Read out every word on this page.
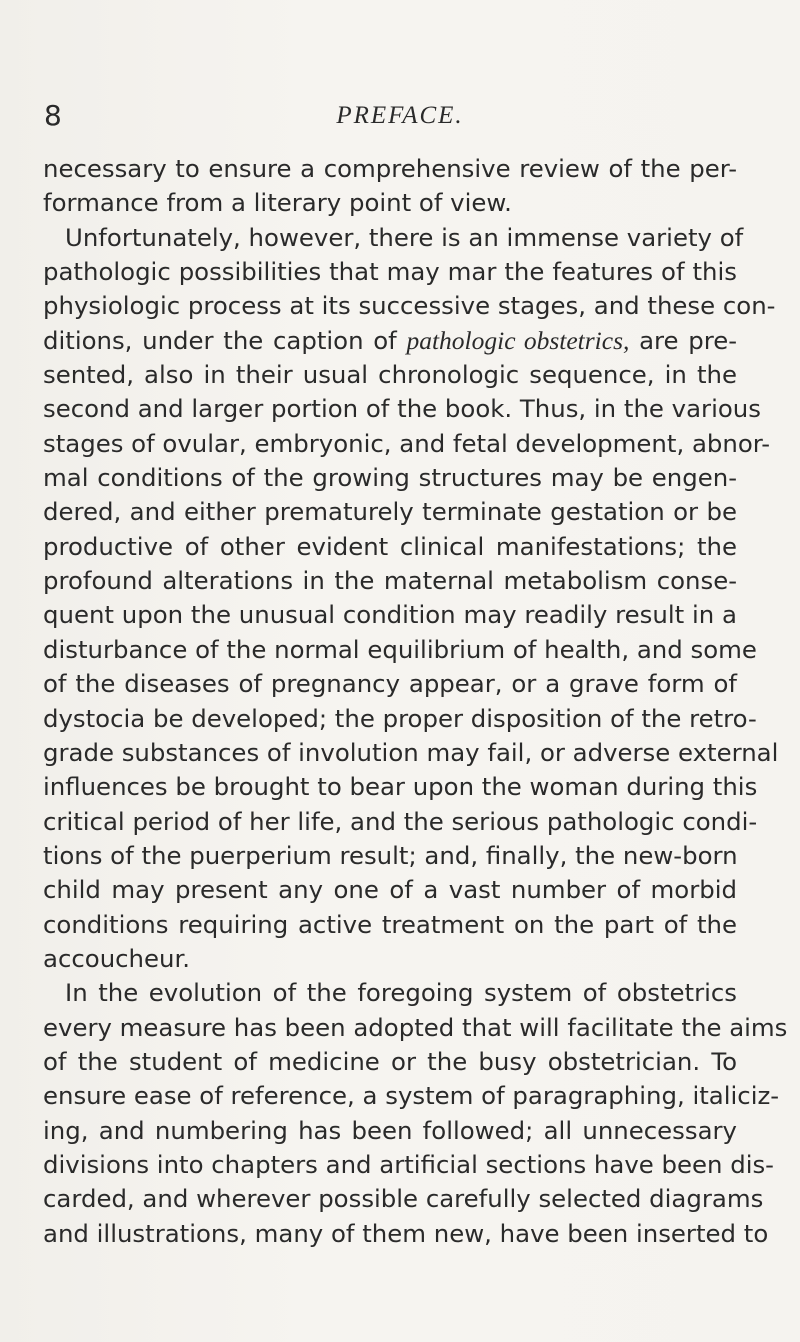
8	PREFACE.
necessary to ensure a comprehensive review of the per-
formance from a literary point of view.
Unfortunately, however, there is an immense variety of
pathologic possibilities that may mar the features of this
physiologic process at its successive stages, and these con-
ditions, under the caption of pathologic obstetrics, are pre-
sented, also in their usual chronologic sequence, in the
second and larger portion of the book. Thus, in the various
stages of ovular, embryonic, and fetal development, abnor-
mal conditions of the growing structures may be engen-
dered, and either prematurely terminate gestation or be
productive of other evident clinical manifestations; the
profound alterations in the maternal metabolism conse-
quent upon the unusual condition may readily result in a
disturbance of the normal equilibrium of health, and some
of the diseases of pregnancy appear, or a grave form of
dystocia be developed; the proper disposition of the retro-
grade substances of involution may fail, or adverse external
influences be brought to bear upon the woman during this
critical period of her life, and the serious pathologic condi-
tions of the puerperium result; and, finally, the new-born
child may present any one of a vast number of morbid
conditions requiring active treatment on the part of the
accoucheur.
In the evolution of the foregoing system of obstetrics
every measure has been adopted that will facilitate the aims
of the student of medicine or the busy obstetrician. To
ensure ease of reference, a system of paragraphing, italiciz-
ing, and numbering has been followed; all unnecessary
divisions into chapters and artificial sections have been dis-
carded, and wherever possible carefully selected diagrams
and illustrations, many of them new, have been inserted to
